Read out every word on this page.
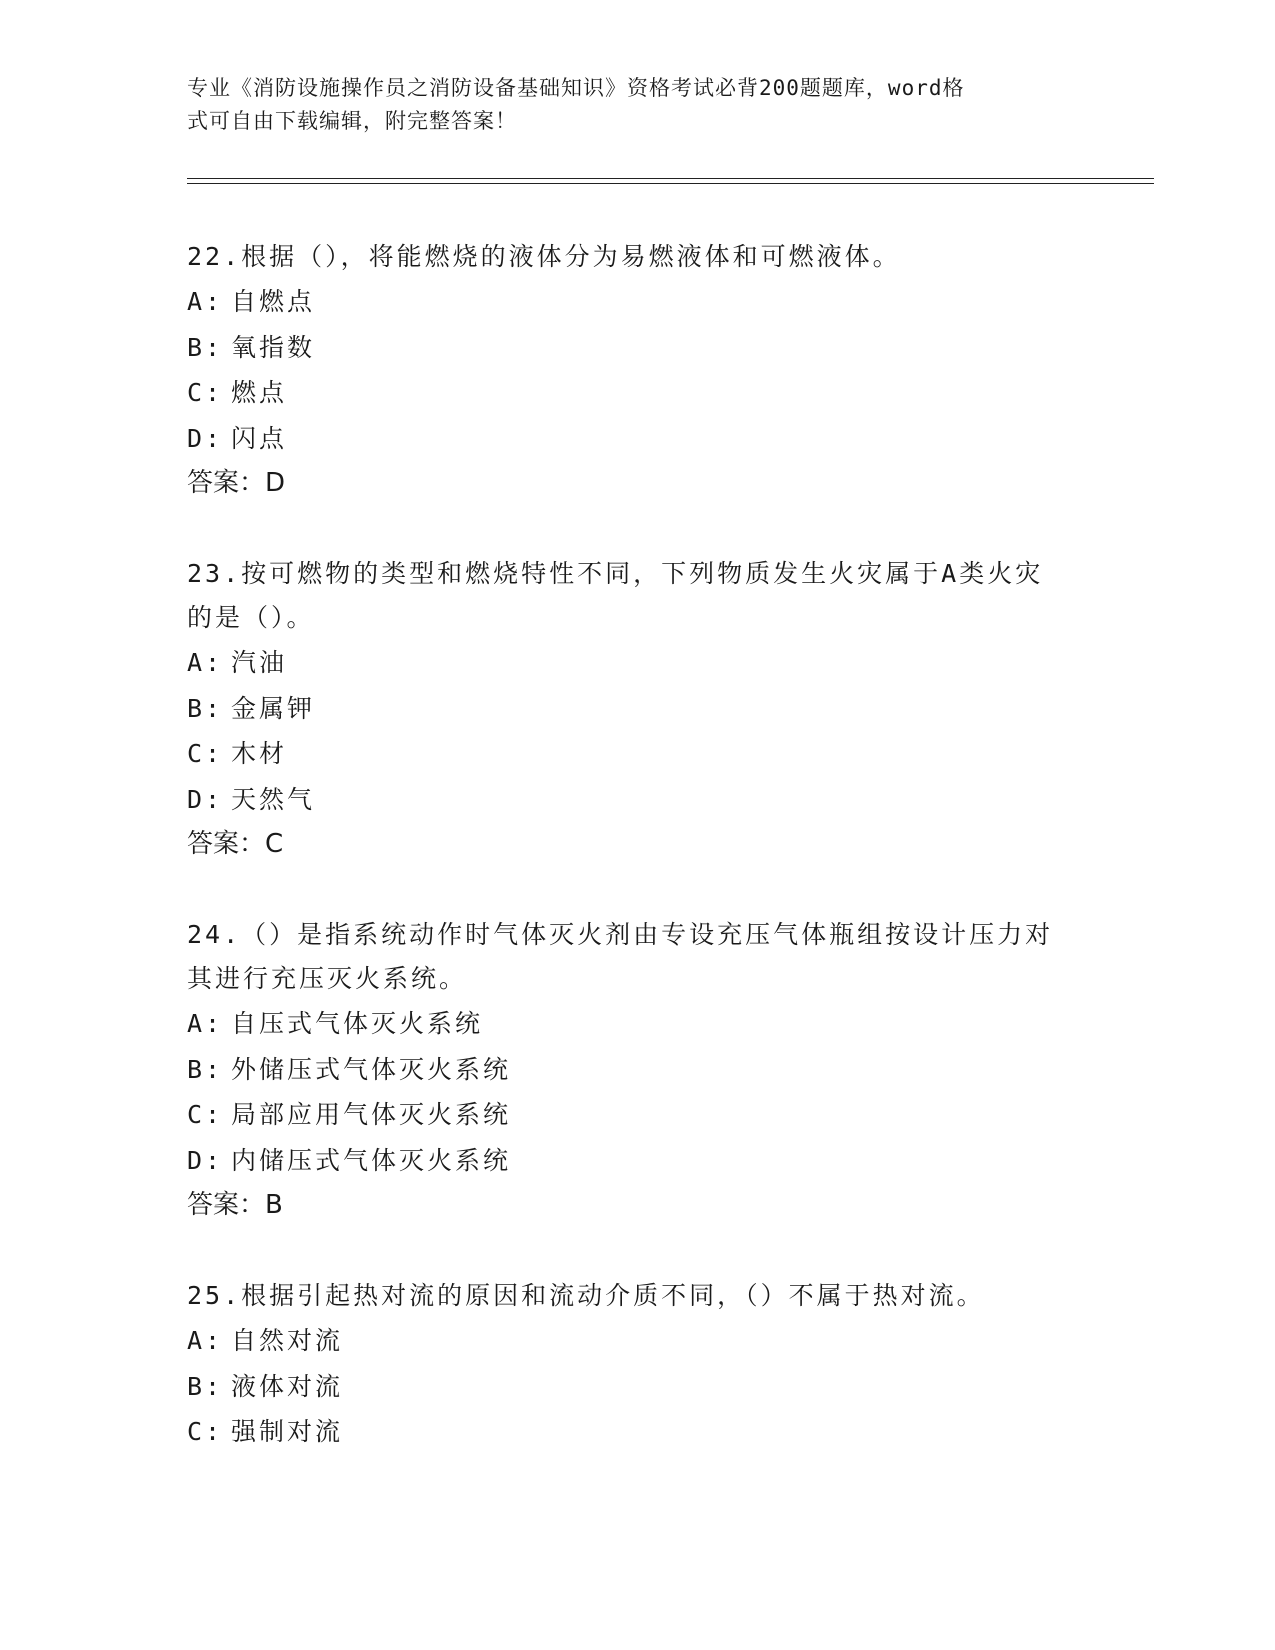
专业《消防设施操作员之消防设备基础知识》资格考试必背200题题库，word格
式可自由下载编辑，附完整答案！

22.根据（），将能燃烧的液体分为易燃液体和可燃液体。

A: 自燃点

B: 氧指数

C: 燃点

D: 闪点

答案：D

23.按可燃物的类型和燃烧特性不同，下列物质发生火灾属于A类火灾

的是（）。

A: 汽油

B: 金属钾

C: 木材

D: 天然气

答案：C

24.（）是指系统动作时气体灭火剂由专设充压气体瓶组按设计压力对

其进行充压灭火系统。

A: 自压式气体灭火系统

B: 外储压式气体灭火系统

C: 局部应用气体灭火系统

D: 内储压式气体灭火系统

答案：B

25.根据引起热对流的原因和流动介质不同，（）不属于热对流。

A: 自然对流

B: 液体对流

C: 强制对流
